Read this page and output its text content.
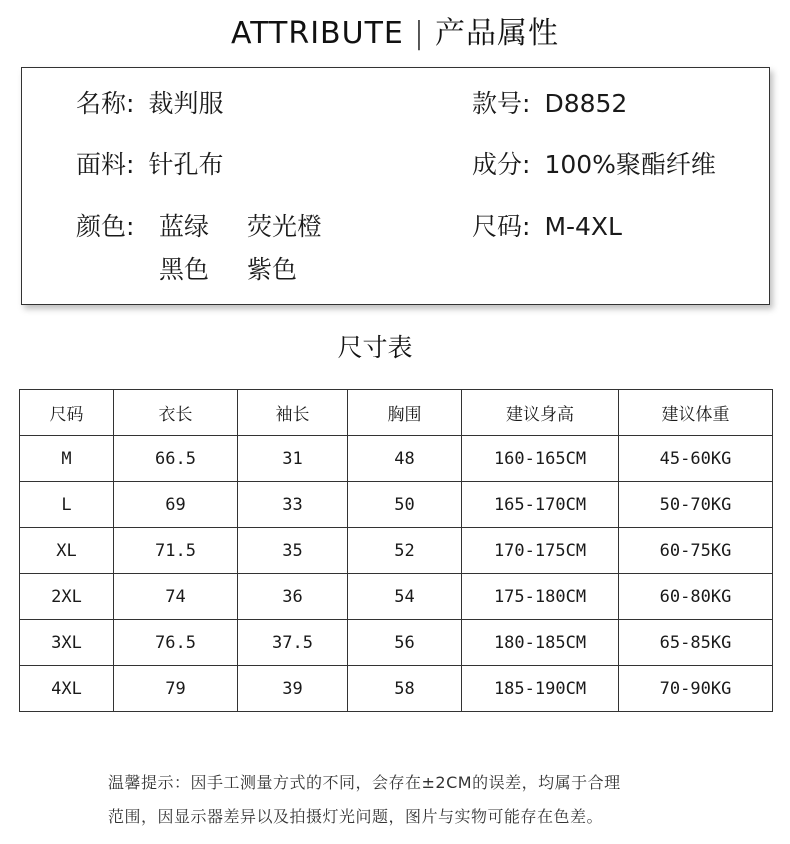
ATTRIBUTE | 产品属性
名称: 裁判服	款号: D8852
面料: 针孔布	成分: 100%聚酯纤维
颜色: 蓝绿 荧光橙
黑色 紫色
尺码: M-4XL
尺寸表
尺码	衣长	袖长	胸围	建议身高	建议体重
M	66.5	31	48	160-165CM	45-60KG
L	69	33	50	165-170CM	50-70KG
XL	71.5	35	52	170-175CM	60-75KG
2XL	74	36	54	175-180CM	60-80KG
3XL	76.5	37.5	56	180-185CM	65-85KG
4XL	79	39	58	185-190CM	70-90KG
温馨提示：因手工测量方式的不同，会存在±2CM的误差，均属于合理
范围，因显示器差异以及拍摄灯光问题，图片与实物可能存在色差。
